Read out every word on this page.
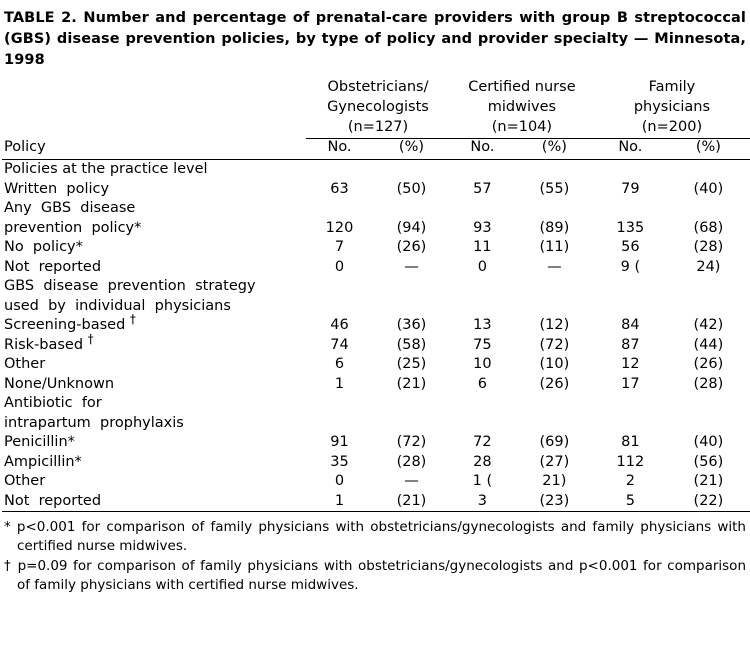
TABLE 2. Number and percentage of prenatal-care providers with group B streptococcal (GBS) disease prevention policies, by type of policy and provider specialty — Minnesota, 1998
	Obstetricians/		Certified nurse		Family	
	Gynecologists		midwives		physicians	
	(n=127)		(n=104)		(n=200)	
Policy	No.	(%)	No.	(%)	No.	(%)

Policies at the practice level						
Written  policy	63	(50)	57	(55)	79	(40)
Any  GBS  disease						
prevention  policy*	120	(94)	93	(89)	135	(68)
No  policy*	7	(26)	11	(11)	56	(28)
Not  reported	0	—	0	—	9 (	24)
GBS  disease  prevention  strategy						
used  by  individual  physicians						
Screening-based †	46	(36)	13	(12)	84	(42)
Risk-based †	74	(58)	75	(72)	87	(44)
Other	6	(25)	10	(10)	12	(26)
None/Unknown	1	(21)	6	(26)	17	(28)
Antibiotic  for						
intrapartum  prophylaxis						
Penicillin*	91	(72)	72	(69)	81	(40)
Ampicillin*	35	(28)	28	(27)	112	(56)
Other	0	—	1 (	21)	2	(21)
Not  reported	1	(21)	3	(23)	5	(22)

* p<0.001 for comparison of family physicians with obstetricians/gynecologists and family physicians with certified nurse midwives.
† p=0.09 for comparison of family physicians with obstetricians/gynecologists and p<0.001 for comparison of family physicians with certified nurse midwives.
